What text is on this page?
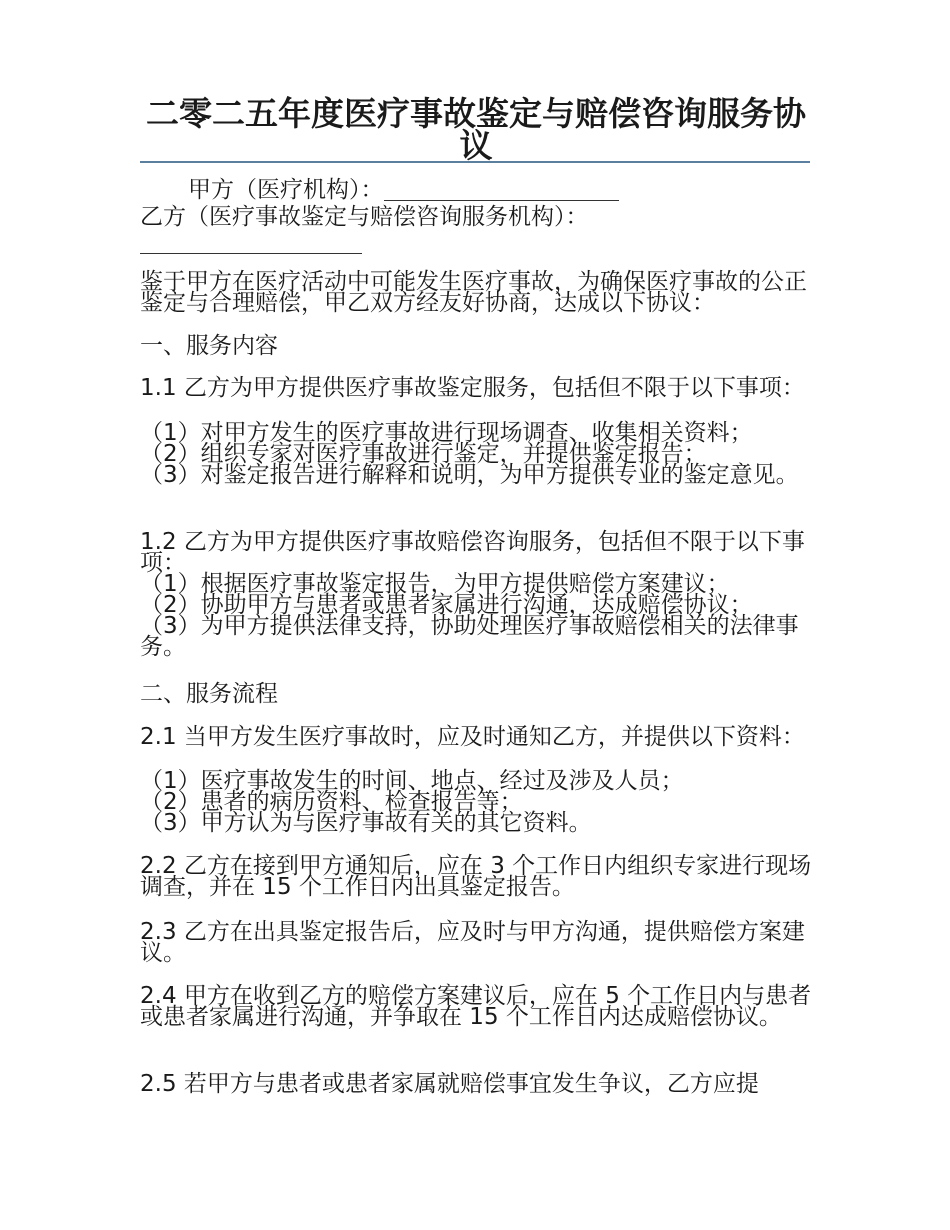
二零二五年度医疗事故鉴定与赔偿咨询服务协议

甲方（医疗机构）：

乙方（医疗事故鉴定与赔偿咨询服务机构）：

鉴于甲方在医疗活动中可能发生医疗事故，为确保医疗事故的公正鉴定与合理赔偿，甲乙双方经友好协商，达成以下协议：

一、服务内容

1.1 乙方为甲方提供医疗事故鉴定服务，包括但不限于以下事项：

（1）对甲方发生的医疗事故进行现场调查、收集相关资料；

（2）组织专家对医疗事故进行鉴定，并提供鉴定报告；

（3）对鉴定报告进行解释和说明，为甲方提供专业的鉴定意见。

1.2 乙方为甲方提供医疗事故赔偿咨询服务，包括但不限于以下事项：

（1）根据医疗事故鉴定报告，为甲方提供赔偿方案建议；

（2）协助甲方与患者或患者家属进行沟通，达成赔偿协议；

（3）为甲方提供法律支持，协助处理医疗事故赔偿相关的法律事务。

二、服务流程

2.1 当甲方发生医疗事故时，应及时通知乙方，并提供以下资料：

（1）医疗事故发生的时间、地点、经过及涉及人员；

（2）患者的病历资料、检查报告等；

（3）甲方认为与医疗事故有关的其它资料。

2.2 乙方在接到甲方通知后，应在 3 个工作日内组织专家进行现场调查，并在 15 个工作日内出具鉴定报告。

2.3 乙方在出具鉴定报告后，应及时与甲方沟通，提供赔偿方案建议。

2.4 甲方在收到乙方的赔偿方案建议后，应在 5 个工作日内与患者或患者家属进行沟通，并争取在 15 个工作日内达成赔偿协议。

2.5 若甲方与患者或患者家属就赔偿事宜发生争议，乙方应提
